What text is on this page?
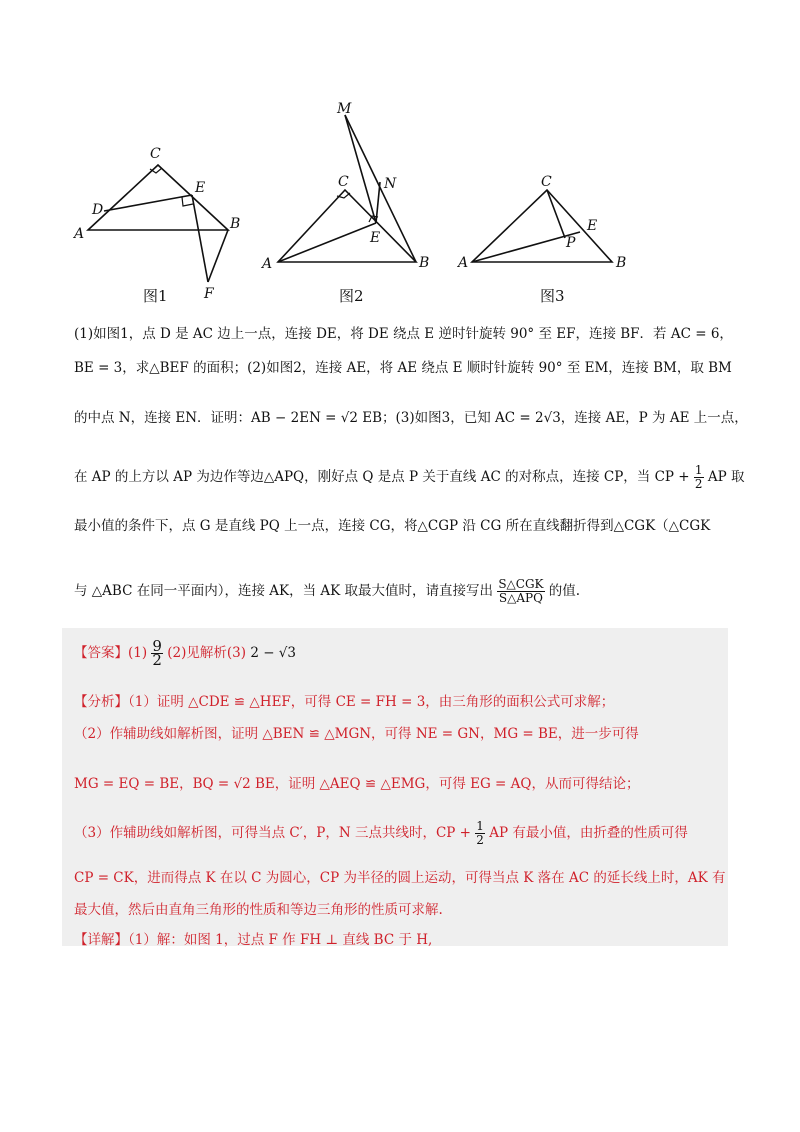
C
E
D
A
B
F
M
C	N
E
A	B
C
E
P
A	B
图1	图2	图3
(1)如图1，点 D 是 AC 边上一点，连接 DE，将 DE 绕点 E 逆时针旋转 90° 至 EF，连接 BF．若 AC = 6，
BE = 3，求△BEF 的面积；(2)如图2，连接 AE，将 AE 绕点 E 顺时针旋转 90° 至 EM，连接 BM，取 BM
的中点 N，连接 EN．证明：AB − 2EN = √2 EB；(3)如图3，已知 AC = 2√3，连接 AE，P 为 AE 上一点，
在 AP 的上方以 AP 为边作等边△APQ，刚好点 Q 是点 P 关于直线 AC 的对称点，连接 CP，当 CP + $\frac{1}{2}$ AP 取
最小值的条件下，点 G 是直线 PQ 上一点，连接 CG，将△CGP 沿 CG 所在直线翻折得到△CGK（△CGK
与 △ABC 在同一平面内），连接 AK，当 AK 取最大值时，请直接写出 $\frac{\text{S△CGK}}{\text{S△APQ}}$ 的值.
【答案】$(1) \frac{9}{2} (2)$见解析(3) 2 − √3
【分析】（1）证明 △CDE ≌ △HEF，可得 CE = FH = 3，由三角形的面积公式可求解；
（2）作辅助线如解析图，证明 △BEN ≌ △MGN，可得 NE = GN，MG = BE，进一步可得
MG = EQ = BE，BQ = √2 BE，证明 △AEQ ≌ △EMG，可得 EG = AQ，从而可得结论；
（3）作辅助线如解析图，可得当点 C′，P，N 三点共线时，CP + $\frac{1}{2}$ AP 有最小值，由折叠的性质可得
CP = CK，进而得点 K 在以 C 为圆心，CP 为半径的圆上运动，可得当点 K 落在 AC 的延长线上时，AK 有
最大值，然后由直角三角形的性质和等边三角形的性质可求解.
【详解】（1）解：如图 1，过点 F 作 FH ⊥ 直线 BC 于 H,
